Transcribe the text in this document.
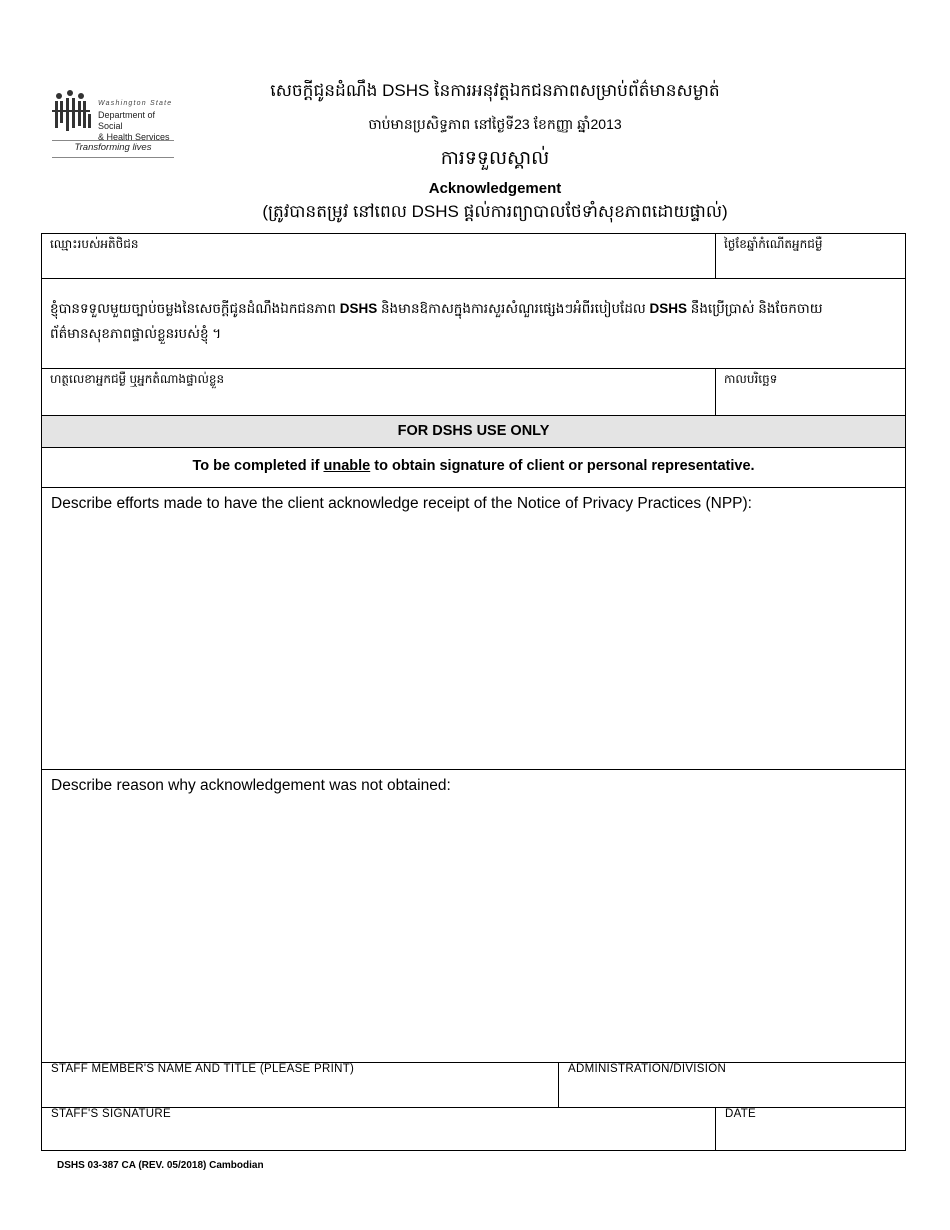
Washington State
Department of Social
& Health Services
Transforming lives
សេចក្ដីជូនដំណឹង DSHS នៃការអនុវត្តឯកជនភាពសម្រាប់ព័ត៌មានសម្ងាត់
ចាប់មានប្រសិទ្ធភាព នៅថ្ងៃទី23 ខែកញ្ញា ឆ្នាំ2013
ការទទួលស្គាល់
Acknowledgement
(ត្រូវបានតម្រូវ នៅពេល DSHS ផ្ដល់ការព្យាបាលថែទាំសុខភាពដោយផ្ទាល់)
ឈ្មោះរបស់អតិថិជន	ថ្ងៃខែឆ្នាំកំណើតអ្នកជម្ងឺ
ខ្ញុំបានទទួលមួយច្បាប់ចម្លងនៃសេចក្ដីជូនដំណឹងឯកជនភាព DSHS និងមានឱកាសក្នុងការសួរសំណួរផ្សេងៗអំពីរបៀបដែល DSHS នឹងប្រើប្រាស់ និងចែកចាយព័ត៌មានសុខភាពផ្ទាល់ខ្លួនរបស់ខ្ញុំ ។
ហត្ថលេខាអ្នកជម្ងឺ ឬអ្នកតំណាងផ្ទាល់ខ្លួន	កាលបរិច្ឆេទ
FOR DSHS USE ONLY
To be completed if unable to obtain signature of client or personal representative.
Describe efforts made to have the client acknowledge receipt of the Notice of Privacy Practices (NPP):
Describe reason why acknowledgement was not obtained:
STAFF MEMBER'S NAME AND TITLE (PLEASE PRINT)	ADMINISTRATION/DIVISION
STAFF'S SIGNATURE	DATE
DSHS 03-387 CA (REV. 05/2018) Cambodian
